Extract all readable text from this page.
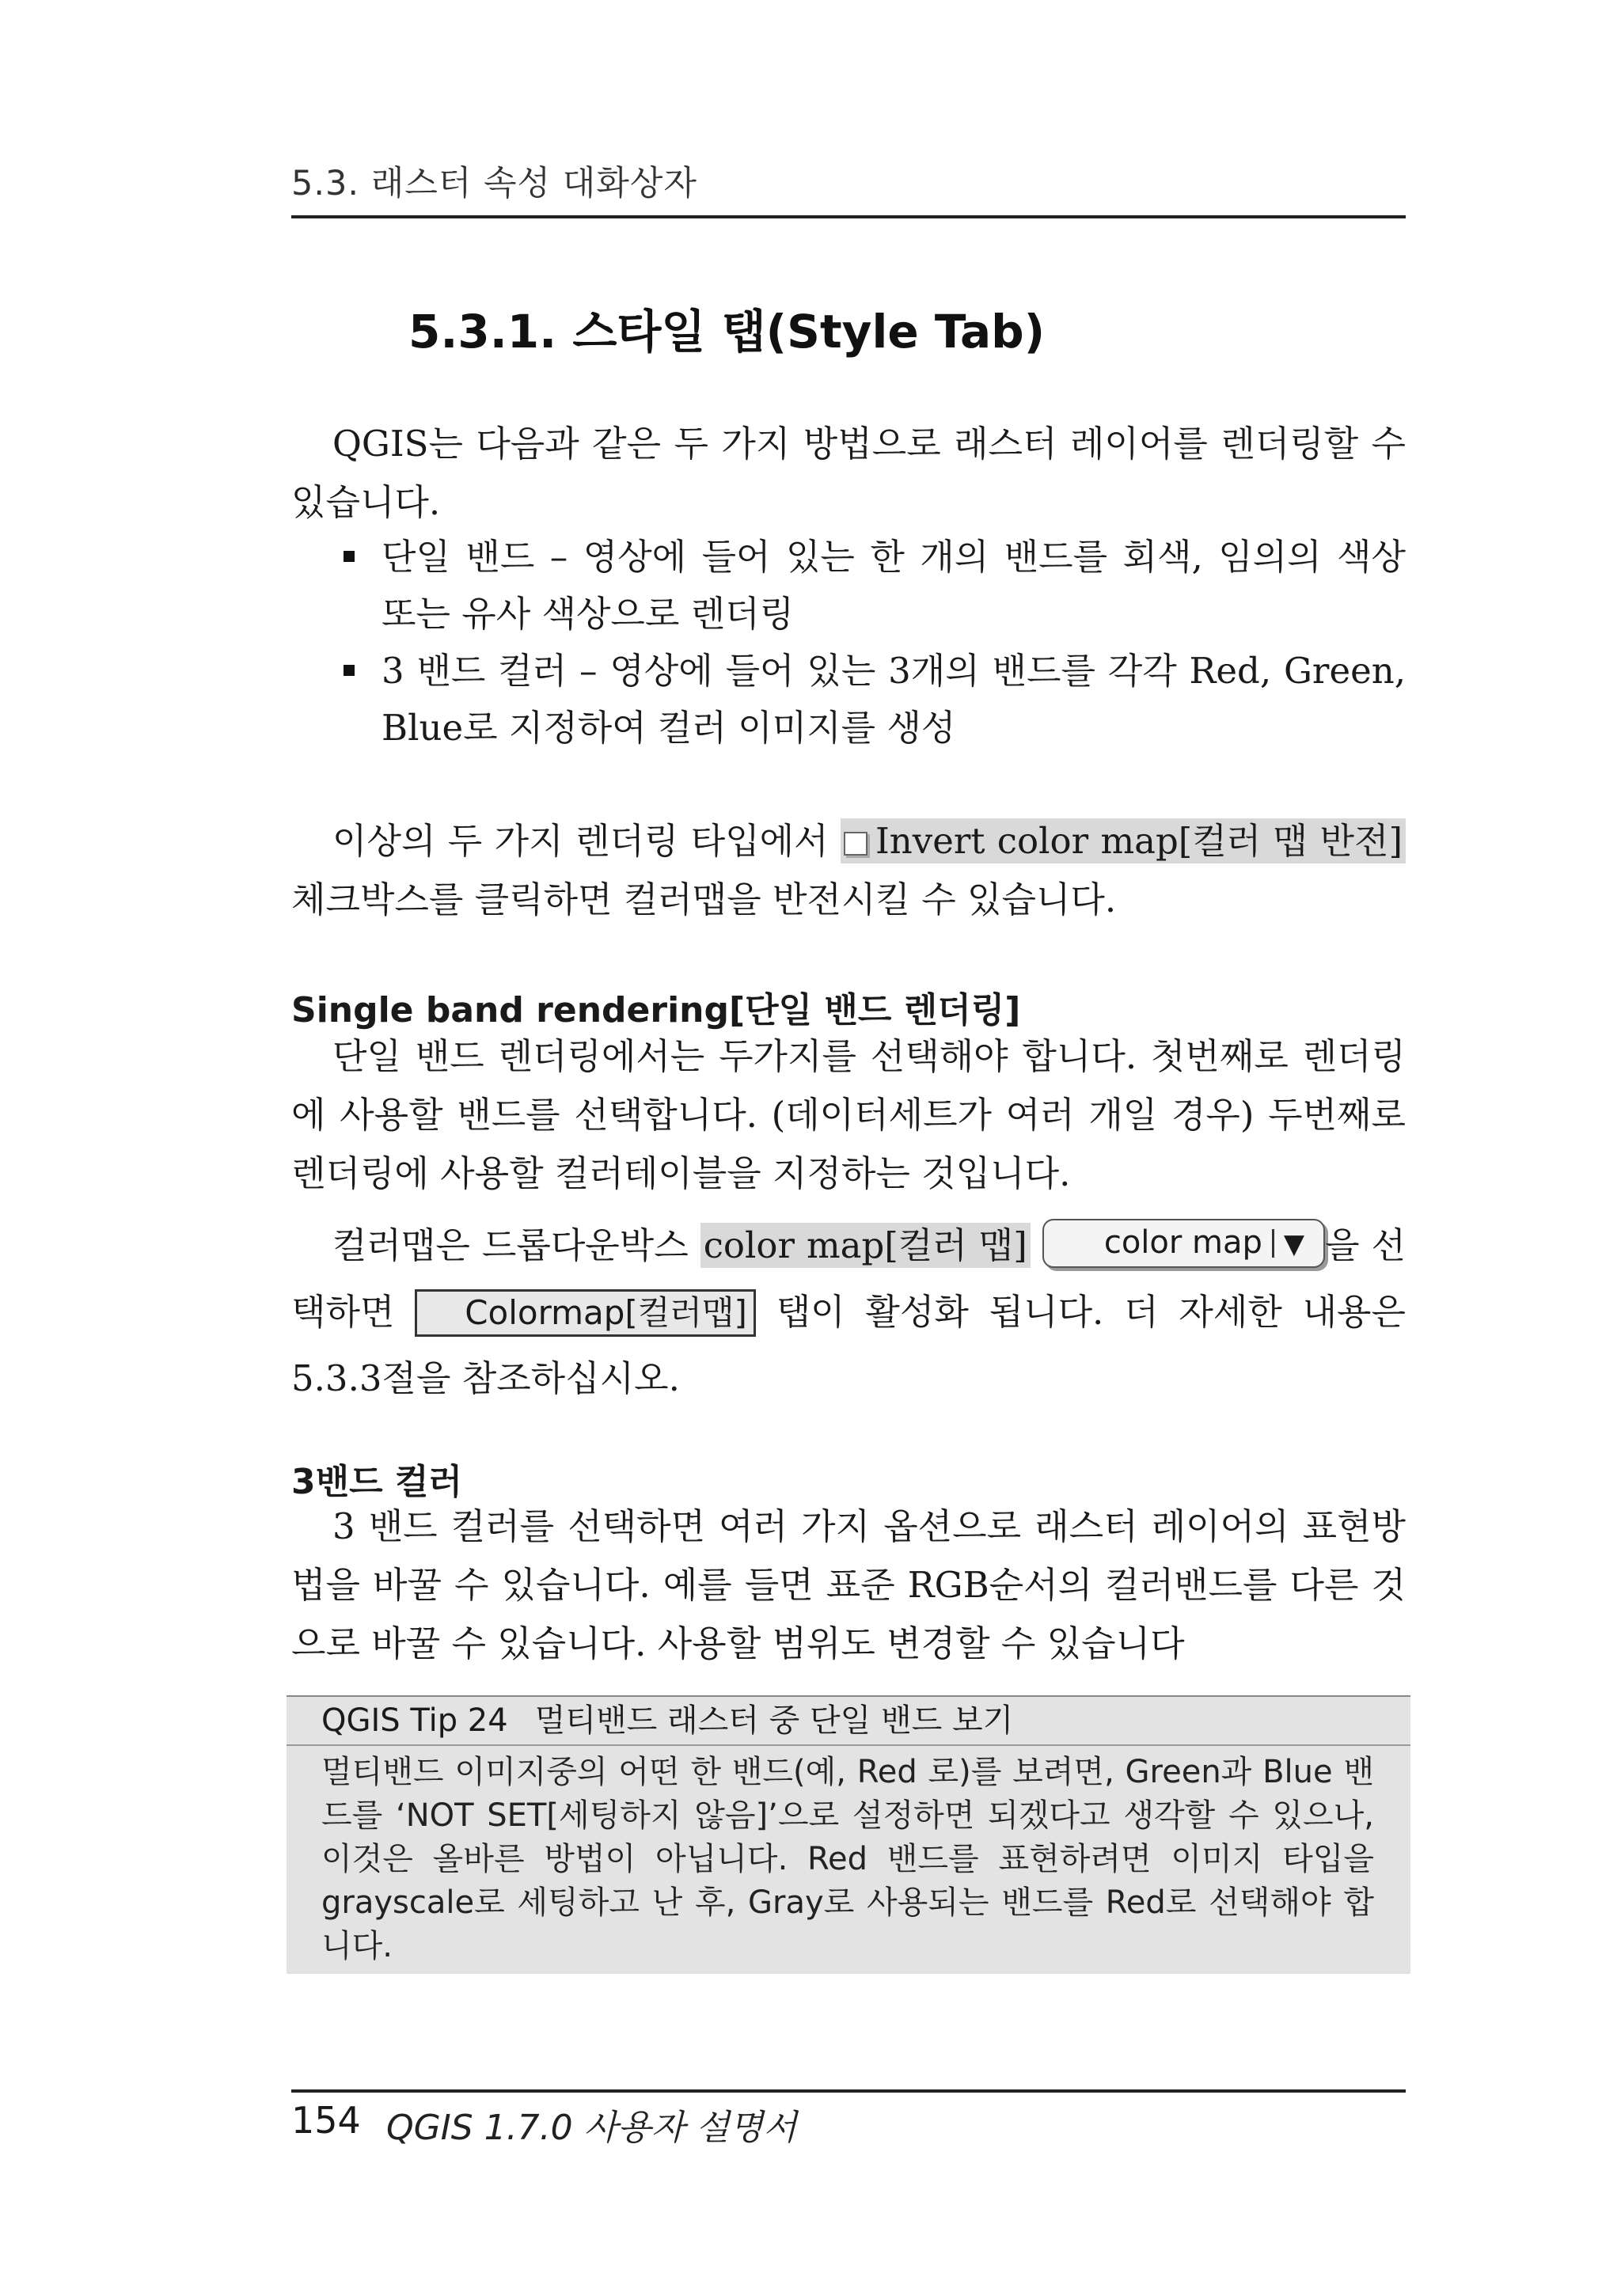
5.3. 래스터 속성 대화상자
5.3.1. 스타일 탭(Style Tab)
QGIS는 다음과 같은 두 가지 방법으로 래스터 레이어를 렌더링할 수 있습니다.
단일 밴드 – 영상에 들어 있는 한 개의 밴드를 회색, 임의의 색상 또는 유사 색상으로 렌더링
3 밴드 컬러 – 영상에 들어 있는 3개의 밴드를 각각 Red, Green, Blue로 지정하여 컬러 이미지를 생성
이상의 두 가지 렌더링 타입에서 Invert color map[컬러 맵 반전] 체크박스를 클릭하면 컬러맵을 반전시킬 수 있습니다.
Single band rendering[단일 밴드 렌더링]
단일 밴드 렌더링에서는 두가지를 선택해야 합니다. 첫번째로 렌더링에 사용할 밴드를 선택합니다. (데이터세트가 여러 개일 경우) 두번째로 렌더링에 사용할 컬러테이블을 지정하는 것입니다.
컬러맵은 드롭다운박스 color map[컬러 맵] color map ▼ 을 선택하면 Colormap[컬러맵] 탭이 활성화 됩니다. 더 자세한 내용은 5.3.3절을 참조하십시오.
3밴드 컬러
3 밴드 컬러를 선택하면 여러 가지 옵션으로 래스터 레이어의 표현방법을 바꿀 수 있습니다. 예를 들면 표준 RGB순서의 컬러밴드를 다른 것으로 바꿀 수 있습니다. 사용할 범위도 변경할 수 있습니다
QGIS Tip 24 멀티밴드 래스터 중 단일 밴드 보기
멀티밴드 이미지중의 어떤 한 밴드(예, Red 로)를 보려면, Green과 Blue 밴드를 ‘NOT SET[세팅하지 않음]’으로 설정하면 되겠다고 생각할 수 있으나, 이것은 올바른 방법이 아닙니다. Red 밴드를 표현하려면 이미지 타입을 grayscale로 세팅하고 난 후, Gray로 사용되는 밴드를 Red로 선택해야 합니다.
154 QGIS 1.7.0 사용자 설명서
